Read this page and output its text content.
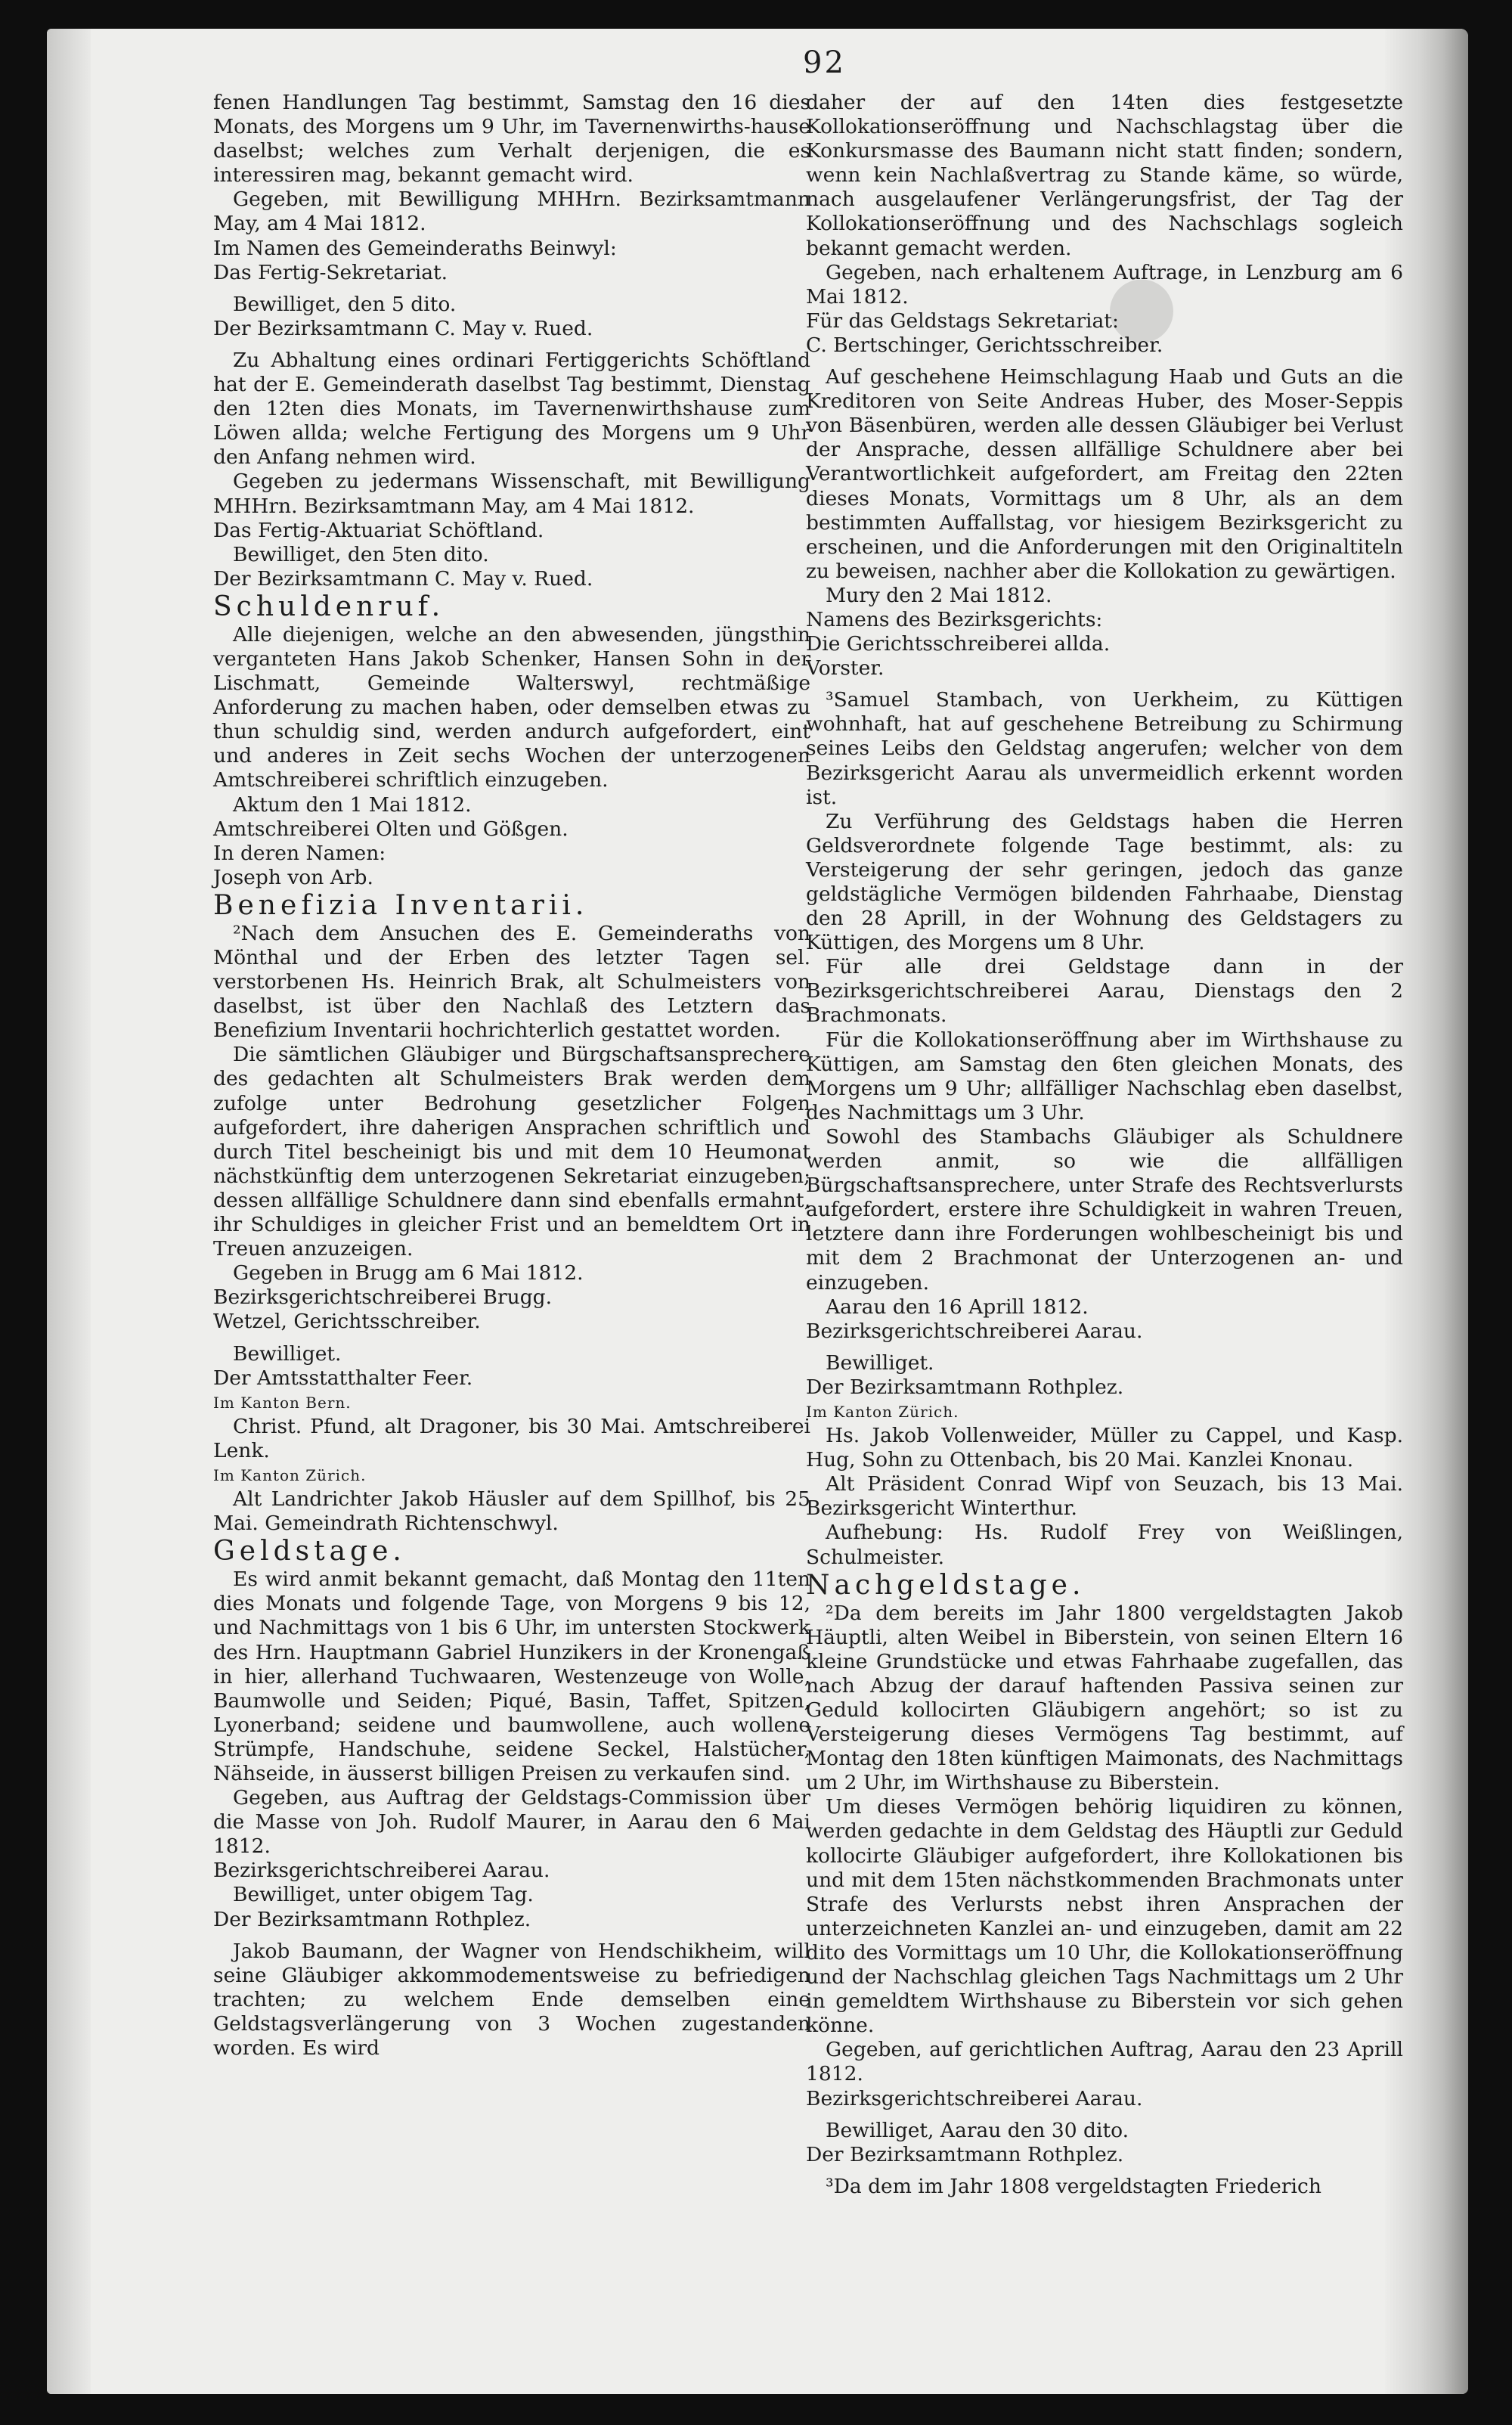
●
92

fenen Handlungen Tag bestimmt, Samstag den 16 dies Monats, des Morgens um 9 Uhr, im Tavernenwirths-hause daselbst; welches zum Verhalt derjenigen, die es interessiren mag, bekannt gemacht wird.

Gegeben, mit Bewilligung MHHrn. Bezirksamtmann May, am 4 Mai 1812.

Im Namen des Gemeinderaths Beinwyl:

Das Fertig-Sekretariat.

Bewilliget, den 5 dito.

Der Bezirksamtmann C. May v. Rued.

Zu Abhaltung eines ordinari Fertiggerichts Schöftland hat der E. Gemeinderath daselbst Tag bestimmt, Dienstag den 12ten dies Monats, im Tavernenwirthshause zum Löwen allda; welche Fertigung des Morgens um 9 Uhr den Anfang nehmen wird.

Gegeben zu jedermans Wissenschaft, mit Bewilligung MHHrn. Bezirksamtmann May, am 4 Mai 1812.

Das Fertig-Aktuariat Schöftland.

Bewilliget, den 5ten dito.

Der Bezirksamtmann C. May v. Rued.

Schuldenruf.

Alle diejenigen, welche an den abwesenden, jüngsthin verganteten Hans Jakob Schenker, Hansen Sohn in der Lischmatt, Gemeinde Walterswyl, rechtmäßige Anforderung zu machen haben, oder demselben etwas zu thun schuldig sind, werden andurch aufgefordert, eint und anderes in Zeit sechs Wochen der unterzogenen Amtschreiberei schriftlich einzugeben.

Aktum den 1 Mai 1812.

Amtschreiberei Olten und Gößgen.

In deren Namen:

Joseph von Arb.

Benefizia Inventarii.

²Nach dem Ansuchen des E. Gemeinderaths von Mönthal und der Erben des letzter Tagen sel. verstorbenen Hs. Heinrich Brak, alt Schulmeisters von daselbst, ist über den Nachlaß des Letztern das Benefizium Inventarii hochrichterlich gestattet worden.

Die sämtlichen Gläubiger und Bürgschaftsansprechere des gedachten alt Schulmeisters Brak werden dem zufolge unter Bedrohung gesetzlicher Folgen aufgefordert, ihre daherigen Ansprachen schriftlich und durch Titel bescheinigt bis und mit dem 10 Heumonat nächstkünftig dem unterzogenen Sekretariat einzugeben; dessen allfällige Schuldnere dann sind ebenfalls ermahnt, ihr Schuldiges in gleicher Frist und an bemeldtem Ort in Treuen anzuzeigen.

Gegeben in Brugg am 6 Mai 1812.

Bezirksgerichtschreiberei Brugg.

Wetzel, Gerichtsschreiber.

Bewilliget.

Der Amtsstatthalter Feer.

Im Kanton Bern.

Christ. Pfund, alt Dragoner, bis 30 Mai. Amtschreiberei Lenk.

Im Kanton Zürich.

Alt Landrichter Jakob Häusler auf dem Spillhof, bis 25 Mai. Gemeindrath Richtenschwyl.

Geldstage.

Es wird anmit bekannt gemacht, daß Montag den 11ten dies Monats und folgende Tage, von Morgens 9 bis 12, und Nachmittags von 1 bis 6 Uhr, im untersten Stockwerk des Hrn. Hauptmann Gabriel Hunzikers in der Kronengaß in hier, allerhand Tuchwaaren, Westenzeuge von Wolle, Baumwolle und Seiden; Piqué, Basin, Taffet, Spitzen, Lyonerband; seidene und baumwollene, auch wollene Strümpfe, Handschuhe, seidene Seckel, Halstücher, Nähseide, in äusserst billigen Preisen zu verkaufen sind.

Gegeben, aus Auftrag der Geldstags-Commission über die Masse von Joh. Rudolf Maurer, in Aarau den 6 Mai 1812.

Bezirksgerichtschreiberei Aarau.

Bewilliget, unter obigem Tag.

Der Bezirksamtmann Rothplez.

Jakob Baumann, der Wagner von Hendschikheim, will seine Gläubiger akkommodementsweise zu befriedigen trachten; zu welchem Ende demselben eine Geldstagsverlängerung von 3 Wochen zugestanden worden. Es wird

daher der auf den 14ten dies festgesetzte Kollokationseröffnung und Nachschlagstag über die Konkursmasse des Baumann nicht statt finden; sondern, wenn kein Nachlaßvertrag zu Stande käme, so würde, nach ausgelaufener Verlängerungsfrist, der Tag der Kollokationseröffnung und des Nachschlags sogleich bekannt gemacht werden.

Gegeben, nach erhaltenem Auftrage, in Lenzburg am 6 Mai 1812.

Für das Geldstags Sekretariat:

C. Bertschinger, Gerichtsschreiber.

Auf geschehene Heimschlagung Haab und Guts an die Kreditoren von Seite Andreas Huber, des Moser-Seppis von Bäsenbüren, werden alle dessen Gläubiger bei Verlust der Ansprache, dessen allfällige Schuldnere aber bei Verantwortlichkeit aufgefordert, am Freitag den 22ten dieses Monats, Vormittags um 8 Uhr, als an dem bestimmten Auffallstag, vor hiesigem Bezirksgericht zu erscheinen, und die Anforderungen mit den Originaltiteln zu beweisen, nachher aber die Kollokation zu gewärtigen.

Mury den 2 Mai 1812.

Namens des Bezirksgerichts:

Die Gerichtsschreiberei allda.

Vorster.

³Samuel Stambach, von Uerkheim, zu Küttigen wohnhaft, hat auf geschehene Betreibung zu Schirmung seines Leibs den Geldstag angerufen; welcher von dem Bezirksgericht Aarau als unvermeidlich erkennt worden ist.

Zu Verführung des Geldstags haben die Herren Geldsverordnete folgende Tage bestimmt, als: zu Versteigerung der sehr geringen, jedoch das ganze geldstägliche Vermögen bildenden Fahrhaabe, Dienstag den 28 Aprill, in der Wohnung des Geldstagers zu Küttigen, des Morgens um 8 Uhr.

Für alle drei Geldstage dann in der Bezirksgerichtschreiberei Aarau, Dienstags den 2 Brachmonats.

Für die Kollokationseröffnung aber im Wirthshause zu Küttigen, am Samstag den 6ten gleichen Monats, des Morgens um 9 Uhr; allfälliger Nachschlag eben daselbst, des Nachmittags um 3 Uhr.

Sowohl des Stambachs Gläubiger als Schuldnere werden anmit, so wie die allfälligen Bürgschaftsansprechere, unter Strafe des Rechtsverlursts aufgefordert, erstere ihre Schuldigkeit in wahren Treuen, letztere dann ihre Forderungen wohlbescheinigt bis und mit dem 2 Brachmonat der Unterzogenen an- und einzugeben.

Aarau den 16 Aprill 1812.

Bezirksgerichtschreiberei Aarau.

Bewilliget.

Der Bezirksamtmann Rothplez.

Im Kanton Zürich.

Hs. Jakob Vollenweider, Müller zu Cappel, und Kasp. Hug, Sohn zu Ottenbach, bis 20 Mai. Kanzlei Knonau.

Alt Präsident Conrad Wipf von Seuzach, bis 13 Mai. Bezirksgericht Winterthur.

Aufhebung: Hs. Rudolf Frey von Weißlingen, Schulmeister.

Nachgeldstage.

²Da dem bereits im Jahr 1800 vergeldstagten Jakob Häuptli, alten Weibel in Biberstein, von seinen Eltern 16 kleine Grundstücke und etwas Fahrhaabe zugefallen, das nach Abzug der darauf haftenden Passiva seinen zur Geduld kollocirten Gläubigern angehört; so ist zu Versteigerung dieses Vermögens Tag bestimmt, auf Montag den 18ten künftigen Maimonats, des Nachmittags um 2 Uhr, im Wirthshause zu Biberstein.

Um dieses Vermögen behörig liquidiren zu können, werden gedachte in dem Geldstag des Häuptli zur Geduld kollocirte Gläubiger aufgefordert, ihre Kollokationen bis und mit dem 15ten nächstkommenden Brachmonats unter Strafe des Verlursts nebst ihren Ansprachen der unterzeichneten Kanzlei an- und einzugeben, damit am 22 dito des Vormittags um 10 Uhr, die Kollokationseröffnung und der Nachschlag gleichen Tags Nachmittags um 2 Uhr in gemeldtem Wirthshause zu Biberstein vor sich gehen könne.

Gegeben, auf gerichtlichen Auftrag, Aarau den 23 Aprill 1812.

Bezirksgerichtschreiberei Aarau.

Bewilliget, Aarau den 30 dito.

Der Bezirksamtmann Rothplez.

³Da dem im Jahr 1808 vergeldstagten Friederich
